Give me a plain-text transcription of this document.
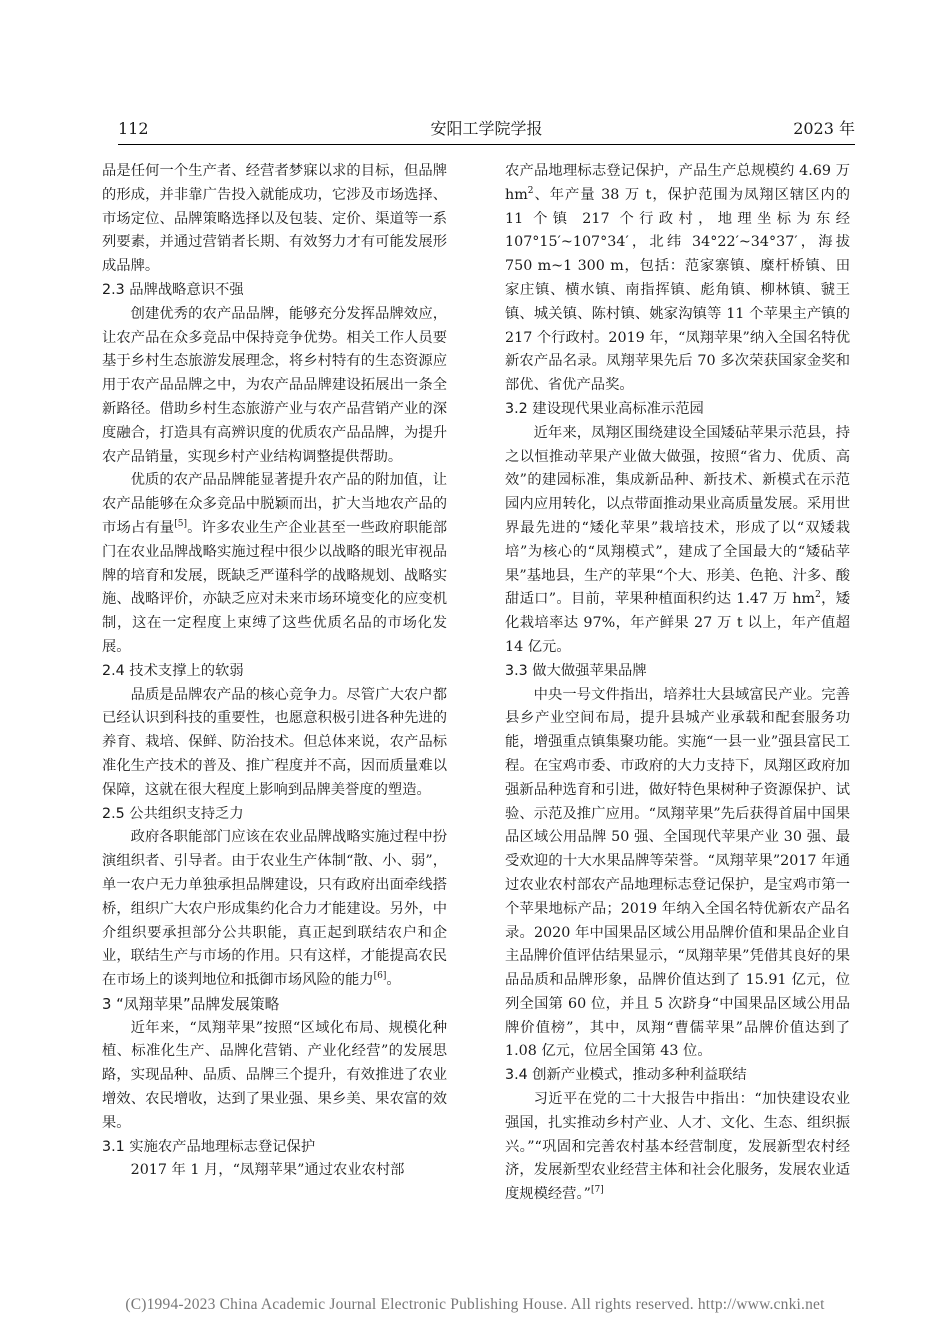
112	安阳工学院学报	2023 年

品是任何一个生产者、经营者梦寐以求的目标，但品牌的形成，并非靠广告投入就能成功，它涉及市场选择、市场定位、品牌策略选择以及包装、定价、渠道等一系列要素，并通过营销者长期、有效努力才有可能发展形成品牌。

2.3 品牌战略意识不强

创建优秀的农产品品牌，能够充分发挥品牌效应，让农产品在众多竞品中保持竞争优势。相关工作人员要基于乡村生态旅游发展理念，将乡村特有的生态资源应用于农产品品牌之中，为农产品品牌建设拓展出一条全新路径。借助乡村生态旅游产业与农产品营销产业的深度融合，打造具有高辨识度的优质农产品品牌，为提升农产品销量，实现乡村产业结构调整提供帮助。

优质的农产品品牌能显著提升农产品的附加值，让农产品能够在众多竞品中脱颖而出，扩大当地农产品的市场占有量[5]。许多农业生产企业甚至一些政府职能部门在农业品牌战略实施过程中很少以战略的眼光审视品牌的培育和发展，既缺乏严谨科学的战略规划、战略实施、战略评价，亦缺乏应对未来市场环境变化的应变机制，这在一定程度上束缚了这些优质名品的市场化发展。

2.4 技术支撑上的软弱

品质是品牌农产品的核心竞争力。尽管广大农户都已经认识到科技的重要性，也愿意积极引进各种先进的养育、栽培、保鲜、防治技术。但总体来说，农产品标准化生产技术的普及、推广程度并不高，因而质量难以保障，这就在很大程度上影响到品牌美誉度的塑造。

2.5 公共组织支持乏力

政府各职能部门应该在农业品牌战略实施过程中扮演组织者、引导者。由于农业生产体制“散、小、弱”，单一农户无力单独承担品牌建设，只有政府出面牵线搭桥，组织广大农户形成集约化合力才能建设。另外，中介组织要承担部分公共职能，真正起到联结农户和企业，联结生产与市场的作用。只有这样，才能提高农民在市场上的谈判地位和抵御市场风险的能力[6]。

3 “凤翔苹果”品牌发展策略

近年来，“凤翔苹果”按照“区域化布局、规模化种植、标准化生产、品牌化营销、产业化经营”的发展思路，实现品种、品质、品牌三个提升，有效推进了农业增效、农民增收，达到了果业强、果乡美、果农富的效果。

3.1 实施农产品地理标志登记保护

2017 年 1 月，“凤翔苹果”通过农业农村部

农产品地理标志登记保护，产品生产总规模约 4.69 万 $hm^2$、年产量 38 万 t，保护范围为凤翔区辖区内的 11 个镇 217 个行政村，地理坐标为东经 107°15′~107°34′，北纬 34°22′~34°37′，海拔 750 m~1 300 m，包括：范家寨镇、糜杆桥镇、田家庄镇、横水镇、南指挥镇、彪角镇、柳林镇、虢王镇、城关镇、陈村镇、姚家沟镇等 11 个苹果主产镇的 217 个行政村。2019 年，“凤翔苹果”纳入全国名特优新农产品名录。凤翔苹果先后 70 多次荣获国家金奖和部优、省优产品奖。

3.2 建设现代果业高标准示范园

近年来，凤翔区围绕建设全国矮砧苹果示范县，持之以恒推动苹果产业做大做强，按照“省力、优质、高效”的建园标准，集成新品种、新技术、新模式在示范园内应用转化，以点带面推动果业高质量发展。采用世界最先进的“矮化苹果”栽培技术，形成了以“双矮栽培”为核心的“凤翔模式”，建成了全国最大的“矮砧苹果”基地县，生产的苹果“个大、形美、色艳、汁多、酸甜适口”。目前，苹果种植面积约达 1.47 万 $hm^2$，矮化栽培率达 97%，年产鲜果 27 万 t 以上，年产值超 14 亿元。

3.3 做大做强苹果品牌

中央一号文件指出，培养壮大县域富民产业。完善县乡产业空间布局，提升县城产业承载和配套服务功能，增强重点镇集聚功能。实施“一县一业”强县富民工程。在宝鸡市委、市政府的大力支持下，凤翔区政府加强新品种选育和引进，做好特色果树种子资源保护、试验、示范及推广应用。“凤翔苹果”先后获得首届中国果品区域公用品牌 50 强、全国现代苹果产业 30 强、最受欢迎的十大水果品牌等荣誉。“凤翔苹果”2017 年通过农业农村部农产品地理标志登记保护，是宝鸡市第一个苹果地标产品；2019 年纳入全国名特优新农产品名录。2020 年中国果品区域公用品牌价值和果品企业自主品牌价值评估结果显示，“凤翔苹果”凭借其良好的果品品质和品牌形象，品牌价值达到了 15.91 亿元，位列全国第 60 位，并且 5 次跻身“中国果品区域公用品牌价值榜”，其中，凤翔“曹儒苹果”品牌价值达到了 1.08 亿元，位居全国第 43 位。

3.4 创新产业模式，推动多种利益联结

习近平在党的二十大报告中指出：“加快建设农业强国，扎实推动乡村产业、人才、文化、生态、组织振兴。”“巩固和完善农村基本经营制度，发展新型农村经济，发展新型农业经营主体和社会化服务，发展农业适度规模经营。”[7]

(C)1994-2023 China Academic Journal Electronic Publishing House. All rights reserved. http://www.cnki.net
